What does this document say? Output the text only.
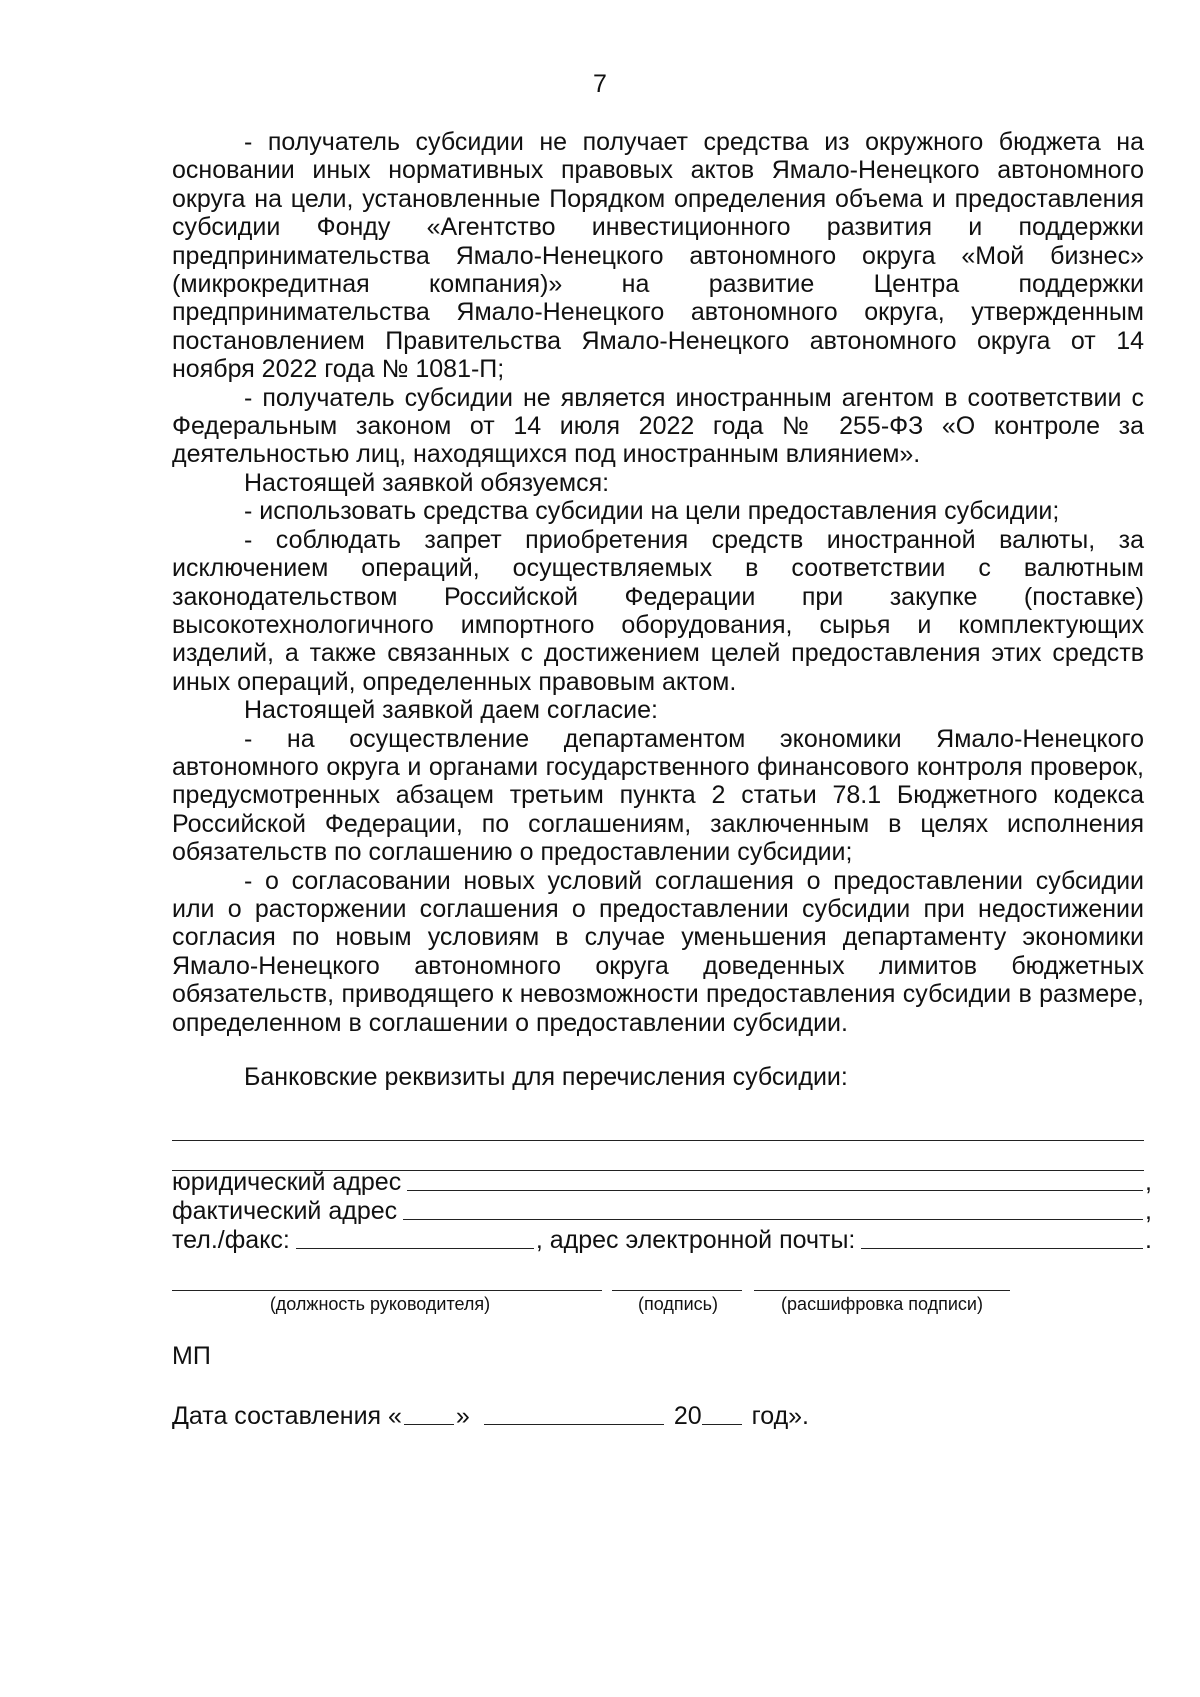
7

- получатель субсидии не получает средства из окружного бюджета на основании иных нормативных правовых актов Ямало-Ненецкого автономного округа на цели, установленные Порядком определения объема и предоставления субсидии Фонду «Агентство инвестиционного развития и поддержки предпринимательства Ямало-Ненецкого автономного округа «Мой бизнес» (микрокредитная компания)» на развитие Центра поддержки предпринимательства Ямало-Ненецкого автономного округа, утвержденным постановлением Правительства Ямало-Ненецкого автономного округа от 14 ноября 2022 года № 1081-П;

- получатель субсидии не является иностранным агентом в соответствии с Федеральным законом от 14 июля 2022 года № 255-ФЗ «О контроле за деятельностью лиц, находящихся под иностранным влиянием».

Настоящей заявкой обязуемся:

- использовать средства субсидии на цели предоставления субсидии;

- соблюдать запрет приобретения средств иностранной валюты, за исключением операций, осуществляемых в соответствии с валютным законодательством Российской Федерации при закупке (поставке) высокотехнологичного импортного оборудования, сырья и комплектующих изделий, а также связанных с достижением целей предоставления этих средств иных операций, определенных правовым актом.

Настоящей заявкой даем согласие:

- на осуществление департаментом экономики Ямало-Ненецкого автономного округа и органами государственного финансового контроля проверок, предусмотренных абзацем третьим пункта 2 статьи 78.1 Бюджетного кодекса Российской Федерации, по соглашениям, заключенным в целях исполнения обязательств по соглашению о предоставлении субсидии;

- о согласовании новых условий соглашения о предоставлении субсидии или о расторжении соглашения о предоставлении субсидии при недостижении согласия по новым условиям в случае уменьшения департаменту экономики Ямало-Ненецкого автономного округа доведенных лимитов бюджетных обязательств, приводящего к невозможности предоставления субсидии в размере, определенном в соглашении о предоставлении субсидии.

Банковские реквизиты для перечисления субсидии:

юридический адрес	,
фактический адрес	,
тел./факс:	, адрес электронной почты:	.
(должность руководителя)	(подпись)	(расшифровка подписи)
МП
Дата составления « »	20 год».
